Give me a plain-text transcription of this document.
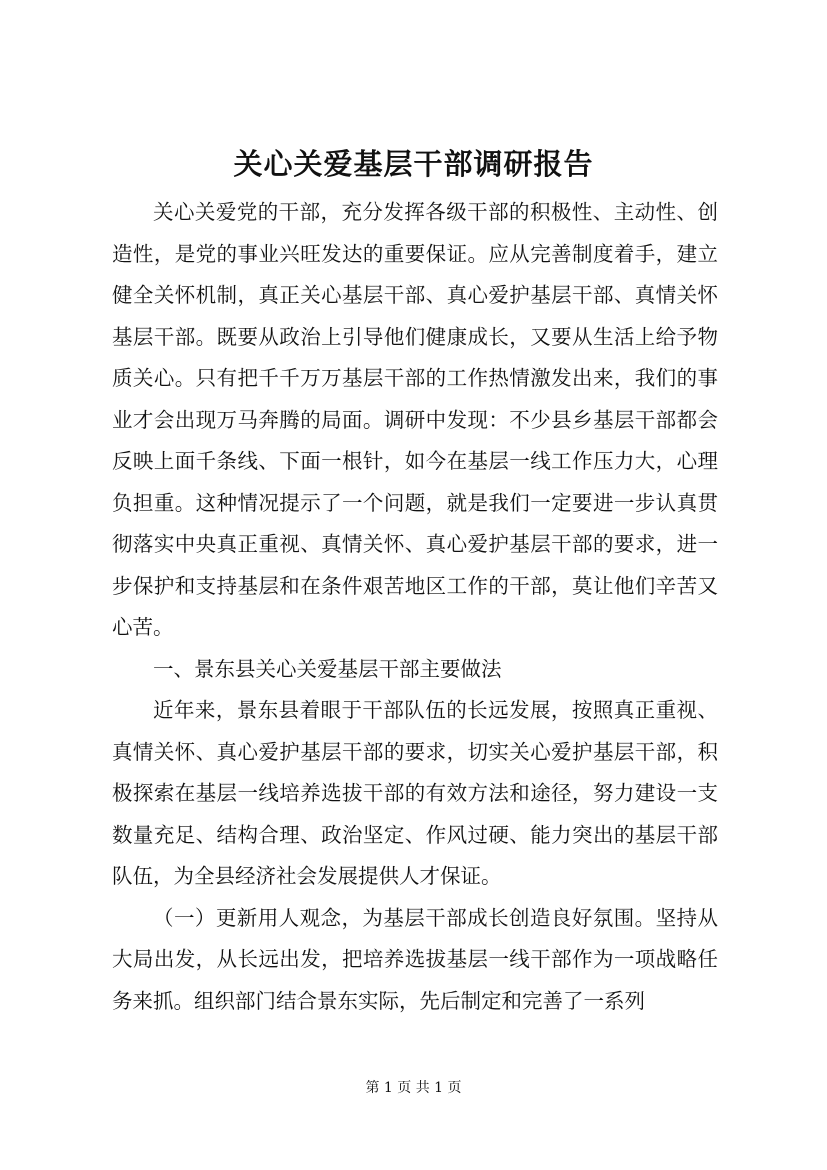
关心关爱基层干部调研报告

关心关爱党的干部，充分发挥各级干部的积极性、主动性、创造性，是党的事业兴旺发达的重要保证。应从完善制度着手，建立健全关怀机制，真正关心基层干部、真心爱护基层干部、真情关怀基层干部。既要从政治上引导他们健康成长，又要从生活上给予物质关心。只有把千千万万基层干部的工作热情激发出来，我们的事业才会出现万马奔腾的局面。调研中发现：不少县乡基层干部都会反映上面千条线、下面一根针，如今在基层一线工作压力大，心理负担重。这种情况提示了一个问题，就是我们一定要进一步认真贯彻落实中央真正重视、真情关怀、真心爱护基层干部的要求，进一步保护和支持基层和在条件艰苦地区工作的干部，莫让他们辛苦又心苦。

一、景东县关心关爱基层干部主要做法

近年来，景东县着眼于干部队伍的长远发展，按照真正重视、真情关怀、真心爱护基层干部的要求，切实关心爱护基层干部，积极探索在基层一线培养选拔干部的有效方法和途径，努力建设一支数量充足、结构合理、政治坚定、作风过硬、能力突出的基层干部队伍，为全县经济社会发展提供人才保证。

（一）更新用人观念，为基层干部成长创造良好氛围。坚持从大局出发，从长远出发，把培养选拔基层一线干部作为一项战略任务来抓。组织部门结合景东实际，先后制定和完善了一系列

第 1 页 共 1 页
